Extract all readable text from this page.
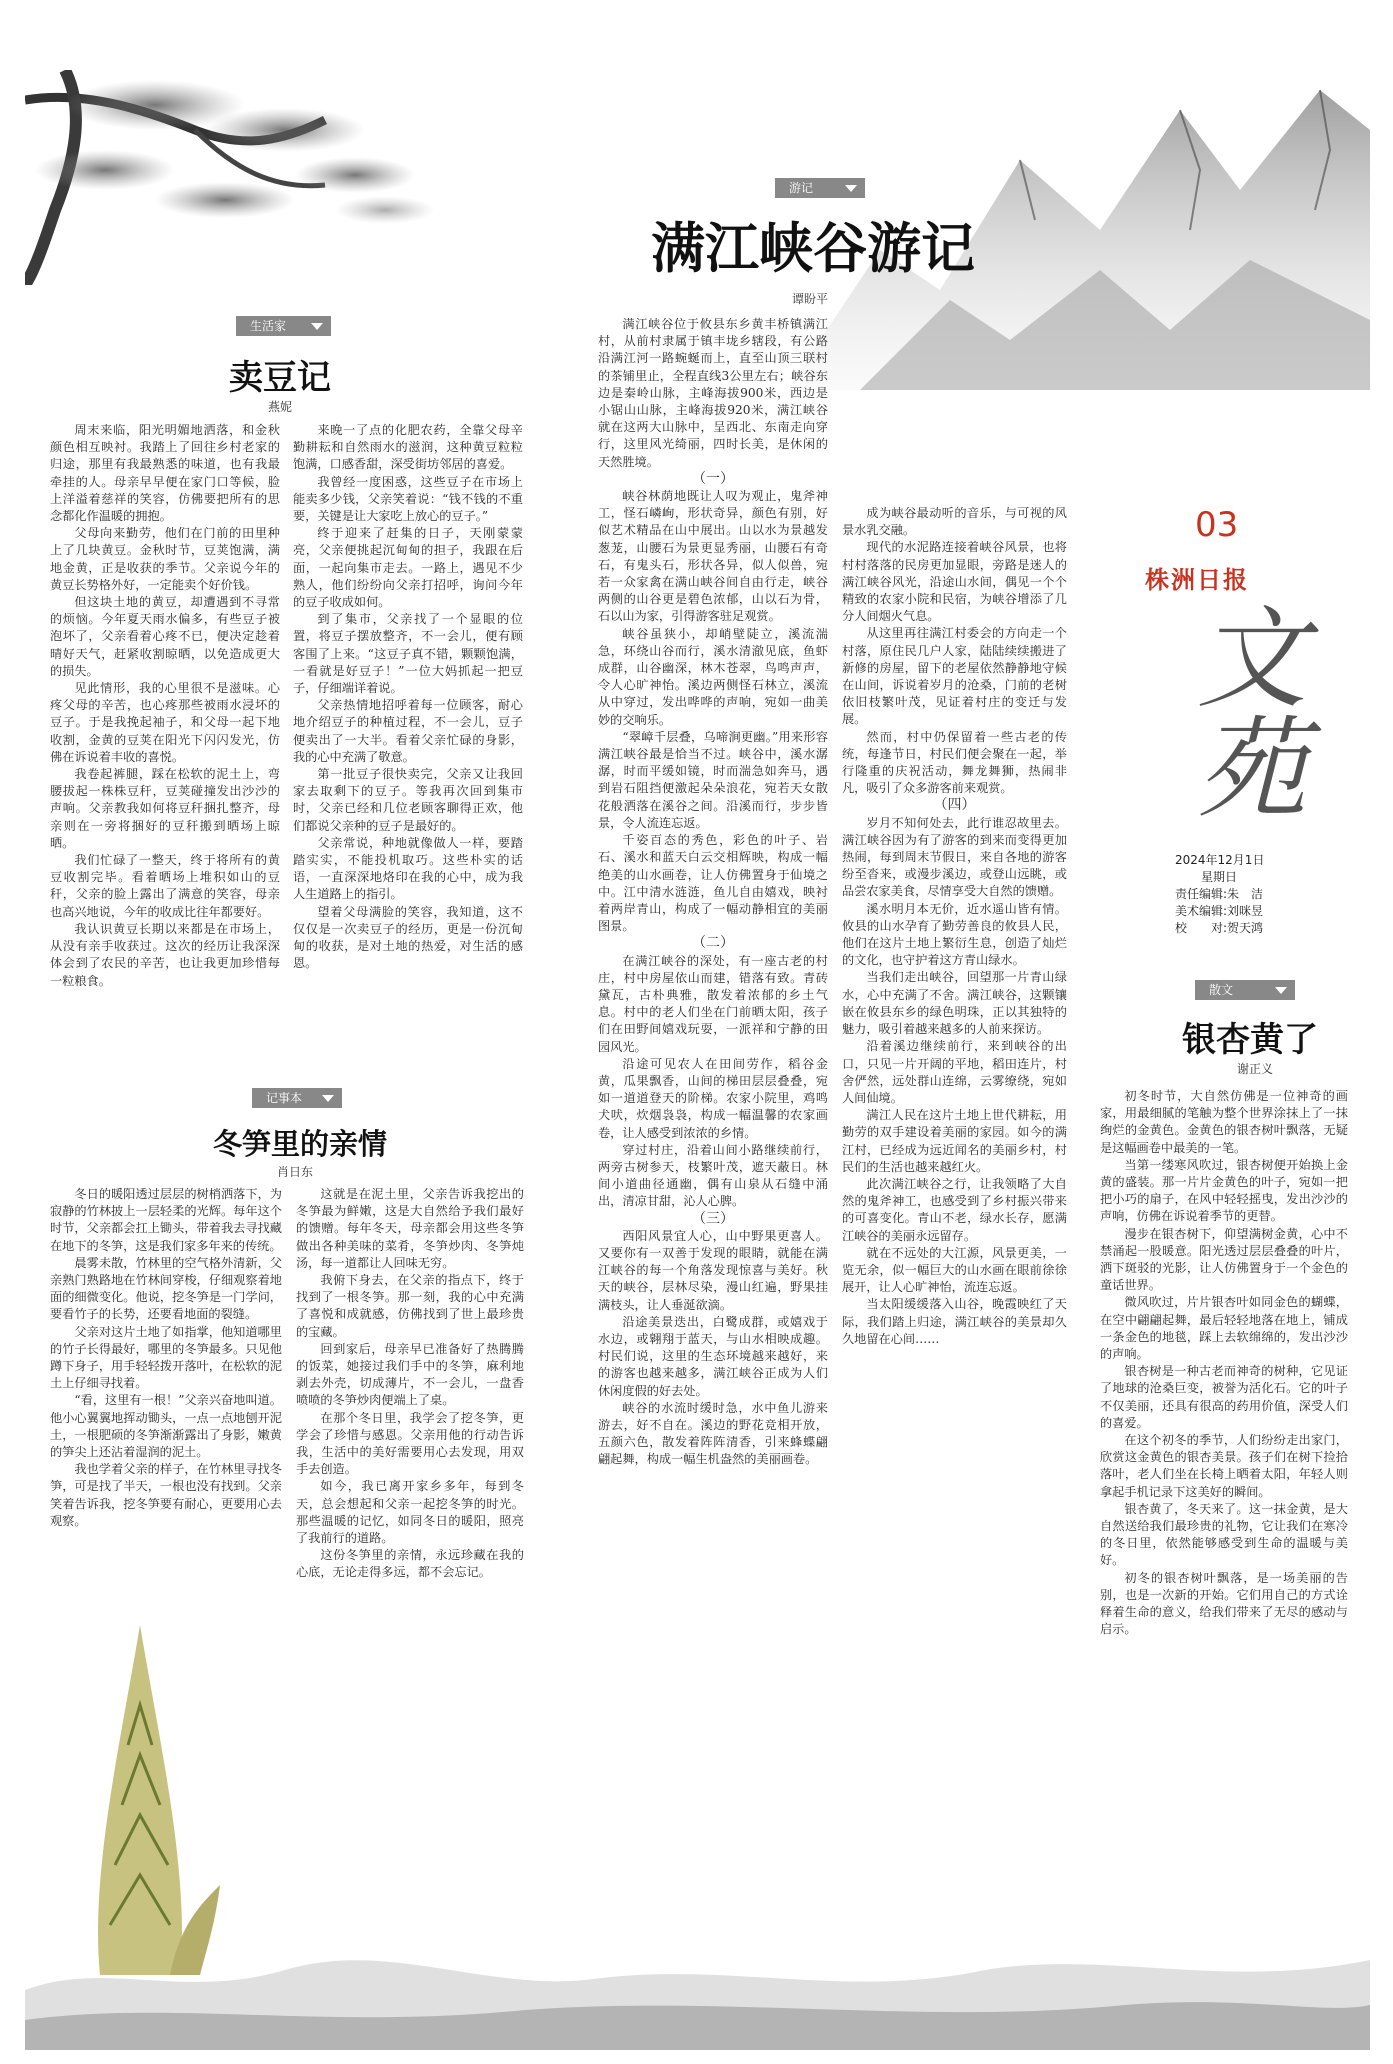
03
株洲日报
文苑
2024年12月1日
星期日
责任编辑:朱　洁
美术编辑:刘咪昱
校　　对:贺天鸿
游记
满江峡谷游记
谭盼平

满江峡谷位于攸县东乡黄丰桥镇满江村，从前村隶属于镇丰垅乡辖段，有公路沿满江河一路蜿蜒而上，直至山顶三联村的茶铺里止，全程直线3公里左右；峡谷东边是秦岭山脉，主峰海拔900米，西边是小锯山山脉，主峰海拔920米，满江峡谷就在这两大山脉中，呈西北、东南走向穿行，这里风光绮丽，四时长美，是休闲的天然胜境。

（一）

峡谷林荫地既让人叹为观止，鬼斧神工，怪石嶙峋，形状奇异，颜色有别，好似艺术精品在山中展出。山以水为景越发葱茏，山腰石为景更显秀丽，山腰石有奇石，有鬼头石，形状各异，似人似兽，宛若一众家禽在满山峡谷间自由行走，峡谷两侧的山谷更是碧色浓郁，山以石为骨，石以山为家，引得游客驻足观赏。

峡谷虽狭小，却峭壁陡立，溪流湍急，环绕山谷而行，溪水清澈见底，鱼虾成群，山谷幽深，林木苍翠，鸟鸣声声，令人心旷神怡。溪边两侧怪石林立，溪流从中穿过，发出哗哗的声响，宛如一曲美妙的交响乐。

“翠嶂千层叠，乌啼涧更幽。”用来形容满江峡谷最是恰当不过。峡谷中，溪水潺潺，时而平缓如镜，时而湍急如奔马，遇到岩石阻挡便激起朵朵浪花，宛若天女散花般洒落在溪谷之间。沿溪而行，步步皆景，令人流连忘返。

千姿百态的秀色，彩色的叶子、岩石、溪水和蓝天白云交相辉映，构成一幅绝美的山水画卷，让人仿佛置身于仙境之中。江中清水涟涟，鱼儿自由嬉戏，映衬着两岸青山，构成了一幅动静相宜的美丽图景。

（二）

在满江峡谷的深处，有一座古老的村庄，村中房屋依山而建，错落有致。青砖黛瓦，古朴典雅，散发着浓郁的乡土气息。村中的老人们坐在门前晒太阳，孩子们在田野间嬉戏玩耍，一派祥和宁静的田园风光。

沿途可见农人在田间劳作，稻谷金黄，瓜果飘香，山间的梯田层层叠叠，宛如一道道登天的阶梯。农家小院里，鸡鸣犬吠，炊烟袅袅，构成一幅温馨的农家画卷，让人感受到浓浓的乡情。

穿过村庄，沿着山间小路继续前行，两旁古树参天，枝繁叶茂，遮天蔽日。林间小道曲径通幽，偶有山泉从石缝中涌出，清凉甘甜，沁人心脾。

（三）

西阳风景宜人心，山中野果更喜人。又要你有一双善于发现的眼睛，就能在满江峡谷的每一个角落发现惊喜与美好。秋天的峡谷，层林尽染，漫山红遍，野果挂满枝头，让人垂涎欲滴。

沿途美景迭出，白鹭成群，或嬉戏于水边，或翱翔于蓝天，与山水相映成趣。村民们说，这里的生态环境越来越好，来的游客也越来越多，满江峡谷正成为人们休闲度假的好去处。

峡谷的水流时缓时急，水中鱼儿游来游去，好不自在。溪边的野花竞相开放，五颜六色，散发着阵阵清香，引来蜂蝶翩翩起舞，构成一幅生机盎然的美丽画卷。

成为峡谷最动听的音乐，与可视的风景水乳交融。

现代的水泥路连接着峡谷风景，也将村村落落的民房更加显眼，旁路是迷人的满江峡谷风光，沿途山水间，偶见一个个精致的农家小院和民宿，为峡谷增添了几分人间烟火气息。

从这里再往满江村委会的方向走一个村落，原住民几户人家，陆陆续续搬进了新修的房屋，留下的老屋依然静静地守候在山间，诉说着岁月的沧桑，门前的老树依旧枝繁叶茂，见证着村庄的变迁与发展。

然而，村中仍保留着一些古老的传统，每逢节日，村民们便会聚在一起，举行隆重的庆祝活动，舞龙舞狮，热闹非凡，吸引了众多游客前来观赏。

（四）

岁月不知何处去，此行谁忍故里去。满江峡谷因为有了游客的到来而变得更加热闹，每到周末节假日，来自各地的游客纷至沓来，或漫步溪边，或登山远眺，或品尝农家美食，尽情享受大自然的馈赠。

溪水明月本无价，近水遥山皆有情。攸县的山水孕育了勤劳善良的攸县人民，他们在这片土地上繁衍生息，创造了灿烂的文化，也守护着这方青山绿水。

当我们走出峡谷，回望那一片青山绿水，心中充满了不舍。满江峡谷，这颗镶嵌在攸县东乡的绿色明珠，正以其独特的魅力，吸引着越来越多的人前来探访。

沿着溪边继续前行，来到峡谷的出口，只见一片开阔的平地，稻田连片，村舍俨然，远处群山连绵，云雾缭绕，宛如人间仙境。

满江人民在这片土地上世代耕耘，用勤劳的双手建设着美丽的家园。如今的满江村，已经成为远近闻名的美丽乡村，村民们的生活也越来越红火。

此次满江峡谷之行，让我领略了大自然的鬼斧神工，也感受到了乡村振兴带来的可喜变化。青山不老，绿水长存，愿满江峡谷的美丽永远留存。

就在不远处的大江源，风景更美，一览无余，似一幅巨大的山水画在眼前徐徐展开，让人心旷神怡，流连忘返。

当太阳缓缓落入山谷，晚霞映红了天际，我们踏上归途，满江峡谷的美景却久久地留在心间……

生活家
卖豆记
燕妮

周末来临，阳光明媚地洒落，和金秋颜色相互映衬。我踏上了回往乡村老家的归途，那里有我最熟悉的味道，也有我最牵挂的人。母亲早早便在家门口等候，脸上洋溢着慈祥的笑容，仿佛要把所有的思念都化作温暖的拥抱。

父母向来勤劳，他们在门前的田里种上了几块黄豆。金秋时节，豆荚饱满，满地金黄，正是收获的季节。父亲说今年的黄豆长势格外好，一定能卖个好价钱。

但这块土地的黄豆，却遭遇到不寻常的烦恼。今年夏天雨水偏多，有些豆子被泡坏了，父亲看着心疼不已，便决定趁着晴好天气，赶紧收割晾晒，以免造成更大的损失。

见此情形，我的心里很不是滋味。心疼父母的辛苦，也心疼那些被雨水浸坏的豆子。于是我挽起袖子，和父母一起下地收割，金黄的豆荚在阳光下闪闪发光，仿佛在诉说着丰收的喜悦。

我卷起裤腿，踩在松软的泥土上，弯腰拔起一株株豆秆，豆荚碰撞发出沙沙的声响。父亲教我如何将豆秆捆扎整齐，母亲则在一旁将捆好的豆秆搬到晒场上晾晒。

我们忙碌了一整天，终于将所有的黄豆收割完毕。看着晒场上堆积如山的豆秆，父亲的脸上露出了满意的笑容，母亲也高兴地说，今年的收成比往年都要好。

我认识黄豆长期以来都是在市场上，从没有亲手收获过。这次的经历让我深深体会到了农民的辛苦，也让我更加珍惜每一粒粮食。

来晚一了点的化肥农药，全靠父母辛勤耕耘和自然雨水的滋润，这种黄豆粒粒饱满，口感香甜，深受街坊邻居的喜爱。

我曾经一度困惑，这些豆子在市场上能卖多少钱，父亲笑着说：“钱不钱的不重要，关键是让大家吃上放心的豆子。”

终于迎来了赶集的日子，天刚蒙蒙亮，父亲便挑起沉甸甸的担子，我跟在后面，一起向集市走去。一路上，遇见不少熟人，他们纷纷向父亲打招呼，询问今年的豆子收成如何。

到了集市，父亲找了一个显眼的位置，将豆子摆放整齐，不一会儿，便有顾客围了上来。“这豆子真不错，颗颗饱满，一看就是好豆子！”一位大妈抓起一把豆子，仔细端详着说。

父亲热情地招呼着每一位顾客，耐心地介绍豆子的种植过程，不一会儿，豆子便卖出了一大半。看着父亲忙碌的身影，我的心中充满了敬意。

第一批豆子很快卖完，父亲又让我回家去取剩下的豆子。等我再次回到集市时，父亲已经和几位老顾客聊得正欢，他们都说父亲种的豆子是最好的。

父亲常说，种地就像做人一样，要踏踏实实，不能投机取巧。这些朴实的话语，一直深深地烙印在我的心中，成为我人生道路上的指引。

望着父母满脸的笑容，我知道，这不仅仅是一次卖豆子的经历，更是一份沉甸甸的收获，是对土地的热爱，对生活的感恩。

记事本
冬笋里的亲情
肖日东

冬日的暖阳透过层层的树梢洒落下，为寂静的竹林披上一层轻柔的光辉。每年这个时节，父亲都会扛上锄头，带着我去寻找藏在地下的冬笋，这是我们家多年来的传统。

晨雾未散，竹林里的空气格外清新，父亲熟门熟路地在竹林间穿梭，仔细观察着地面的细微变化。他说，挖冬笋是一门学问，要看竹子的长势，还要看地面的裂缝。

父亲对这片土地了如指掌，他知道哪里的竹子长得最好，哪里的冬笋最多。只见他蹲下身子，用手轻轻拨开落叶，在松软的泥土上仔细寻找着。

“看，这里有一根！”父亲兴奋地叫道。他小心翼翼地挥动锄头，一点一点地刨开泥土，一根肥硕的冬笋渐渐露出了身影，嫩黄的笋尖上还沾着湿润的泥土。

我也学着父亲的样子，在竹林里寻找冬笋，可是找了半天，一根也没有找到。父亲笑着告诉我，挖冬笋要有耐心，更要用心去观察。

这就是在泥土里，父亲告诉我挖出的冬笋最为鲜嫩，这是大自然给予我们最好的馈赠。每年冬天，母亲都会用这些冬笋做出各种美味的菜肴，冬笋炒肉、冬笋炖汤，每一道都让人回味无穷。

我俯下身去，在父亲的指点下，终于找到了一根冬笋。那一刻，我的心中充满了喜悦和成就感，仿佛找到了世上最珍贵的宝藏。

回到家后，母亲早已准备好了热腾腾的饭菜，她接过我们手中的冬笋，麻利地剥去外壳，切成薄片，不一会儿，一盘香喷喷的冬笋炒肉便端上了桌。

在那个冬日里，我学会了挖冬笋，更学会了珍惜与感恩。父亲用他的行动告诉我，生活中的美好需要用心去发现，用双手去创造。

如今，我已离开家乡多年，每到冬天，总会想起和父亲一起挖冬笋的时光。那些温暖的记忆，如同冬日的暖阳，照亮了我前行的道路。

这份冬笋里的亲情，永远珍藏在我的心底，无论走得多远，都不会忘记。

散文
银杏黄了
谢正义

初冬时节，大自然仿佛是一位神奇的画家，用最细腻的笔触为整个世界涂抹上了一抹绚烂的金黄色。金黄色的银杏树叶飘落，无疑是这幅画卷中最美的一笔。

当第一缕寒风吹过，银杏树便开始换上金黄的盛装。那一片片金黄色的叶子，宛如一把把小巧的扇子，在风中轻轻摇曳，发出沙沙的声响，仿佛在诉说着季节的更替。

漫步在银杏树下，仰望满树金黄，心中不禁涌起一股暖意。阳光透过层层叠叠的叶片，洒下斑驳的光影，让人仿佛置身于一个金色的童话世界。

微风吹过，片片银杏叶如同金色的蝴蝶，在空中翩翩起舞，最后轻轻地落在地上，铺成一条金色的地毯，踩上去软绵绵的，发出沙沙的声响。

银杏树是一种古老而神奇的树种，它见证了地球的沧桑巨变，被誉为活化石。它的叶子不仅美丽，还具有很高的药用价值，深受人们的喜爱。

在这个初冬的季节，人们纷纷走出家门，欣赏这金黄色的银杏美景。孩子们在树下捡拾落叶，老人们坐在长椅上晒着太阳，年轻人则拿起手机记录下这美好的瞬间。

银杏黄了，冬天来了。这一抹金黄，是大自然送给我们最珍贵的礼物，它让我们在寒冷的冬日里，依然能够感受到生命的温暖与美好。

初冬的银杏树叶飘落，是一场美丽的告别，也是一次新的开始。它们用自己的方式诠释着生命的意义，给我们带来了无尽的感动与启示。
